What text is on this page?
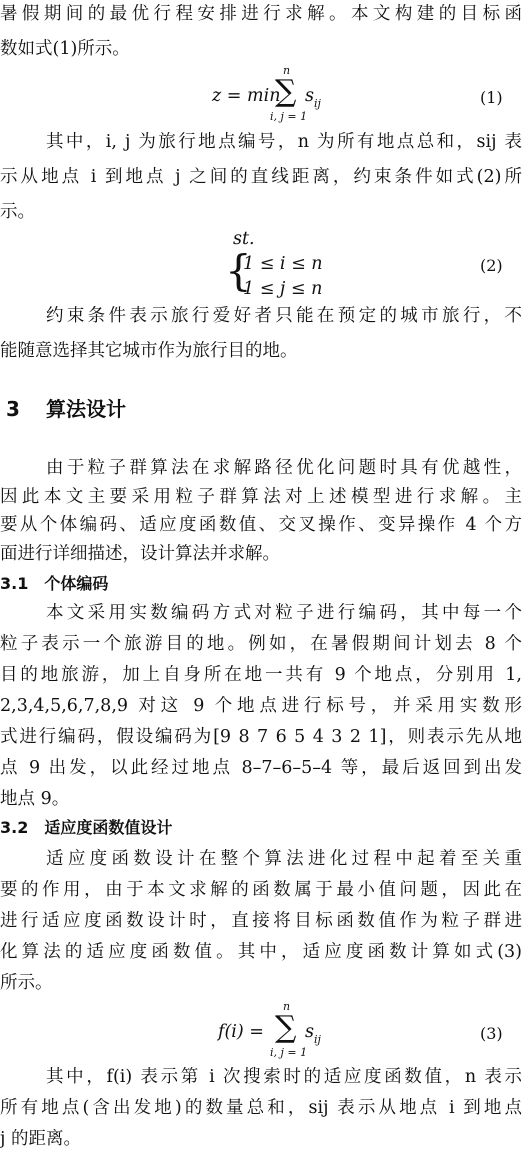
暑假期间的最优行程安排进行求解。本文构建的目标函
数如式(1)所示。
z = min
∑
n
i, j = 1
s ij	(1)
其中，i, j 为旅行地点编号，n 为所有地点总和，sij 表
示从地点 i 到地点 j 之间的直线距离，约束条件如式(2)所
示。
st.
{
1 ≤ i ≤ n
1 ≤ j ≤ n
(2)
约束条件表示旅行爱好者只能在预定的城市旅行，不
能随意选择其它城市作为旅行目的地。
3 算法设计
由于粒子群算法在求解路径优化问题时具有优越性，
因此本文主要采用粒子群算法对上述模型进行求解。主
要从个体编码、适应度函数值、交叉操作、变异操作 4 个方
面进行详细描述，设计算法并求解。
3.1　个体编码
本文采用实数编码方式对粒子进行编码，其中每一个
粒子表示一个旅游目的地。例如，在暑假期间计划去 8 个
目的地旅游，加上自身所在地一共有 9 个地点，分别用 1,
2,3,4,5,6,7,8,9 对这 9 个地点进行标号，并采用实数形
式进行编码，假设编码为[9 8 7 6 5 4 3 2 1]，则表示先从地
点 9 出发，以此经过地点 8–7–6–5–4 等，最后返回到出发
地点 9。
3.2　适应度函数值设计
适应度函数设计在整个算法进化过程中起着至关重
要的作用，由于本文求解的函数属于最小值问题，因此在
进行适应度函数设计时，直接将目标函数值作为粒子群进
化算法的适应度函数值。其中，适应度函数计算如式(3)
所示。
f(i) = ∑
n
i, j = 1
s ij	(3)
其中，f(i) 表示第 i 次搜索时的适应度函数值，n 表示
所有地点(含出发地)的数量总和，sij 表示从地点 i 到地点
j 的距离。
